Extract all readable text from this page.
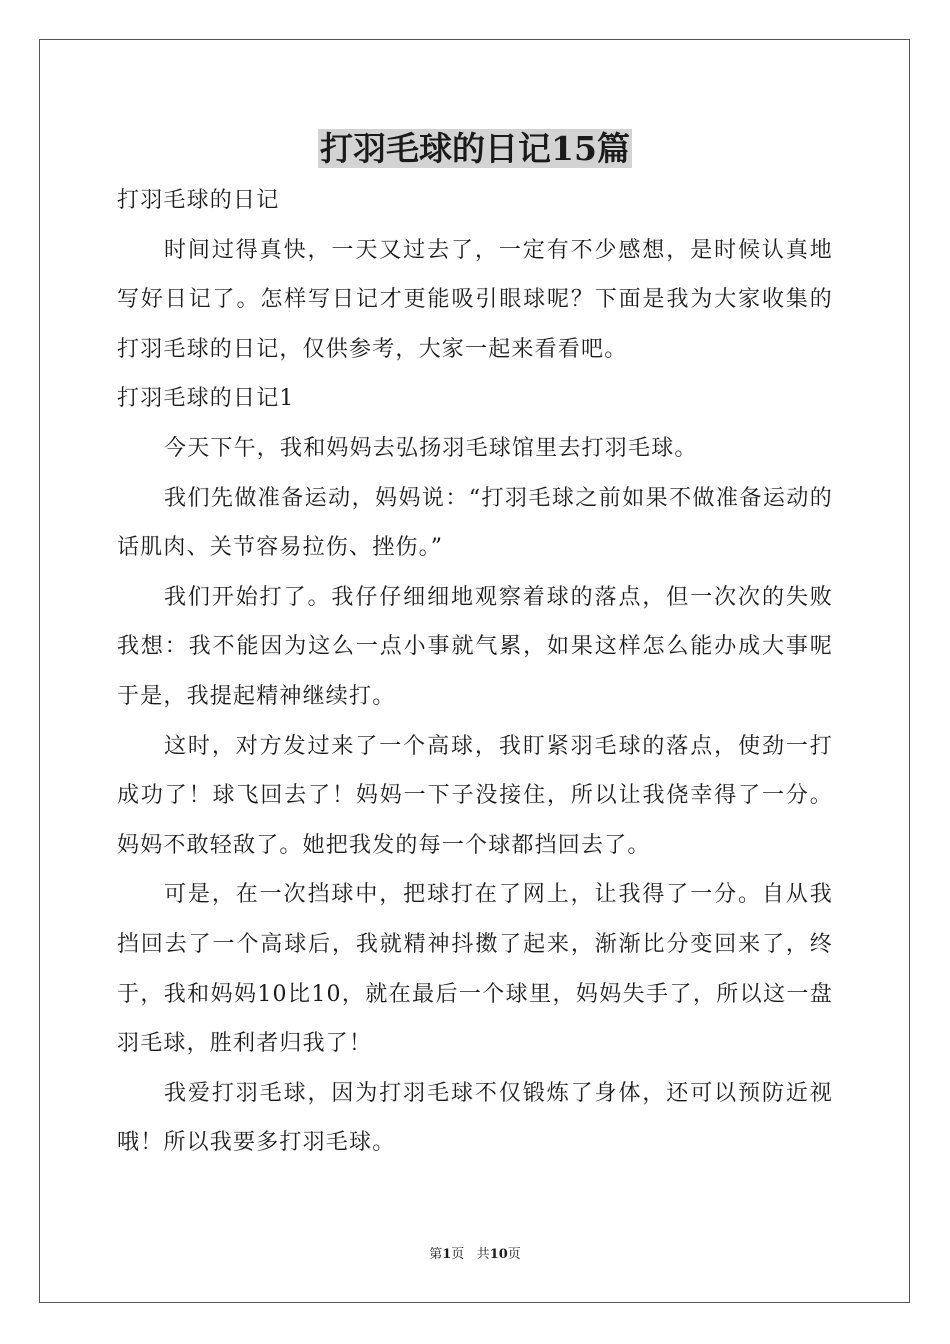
打羽毛球的日记15篇

打羽毛球的日记

时间过得真快，一天又过去了，一定有不少感想，是时候认真地写好日记了。怎样写日记才更能吸引眼球呢？下面是我为大家收集的打羽毛球的日记，仅供参考，大家一起来看看吧。

打羽毛球的日记1

今天下午，我和妈妈去弘扬羽毛球馆里去打羽毛球。

我们先做准备运动，妈妈说：“打羽毛球之前如果不做准备运动的话肌肉、关节容易拉伤、挫伤。”

我们开始打了。我仔仔细细地观察着球的落点，但一次次的失败我想：我不能因为这么一点小事就气累，如果这样怎么能办成大事呢于是，我提起精神继续打。

这时，对方发过来了一个高球，我盯紧羽毛球的落点，使劲一打成功了！球飞回去了！妈妈一下子没接住，所以让我侥幸得了一分。妈妈不敢轻敌了。她把我发的每一个球都挡回去了。

可是，在一次挡球中，把球打在了网上，让我得了一分。自从我挡回去了一个高球后，我就精神抖擞了起来，渐渐比分变回来了，终于，我和妈妈10比10，就在最后一个球里，妈妈失手了，所以这一盘羽毛球，胜利者归我了！

我爱打羽毛球，因为打羽毛球不仅锻炼了身体，还可以预防近视哦！所以我要多打羽毛球。

第1页 共10页
